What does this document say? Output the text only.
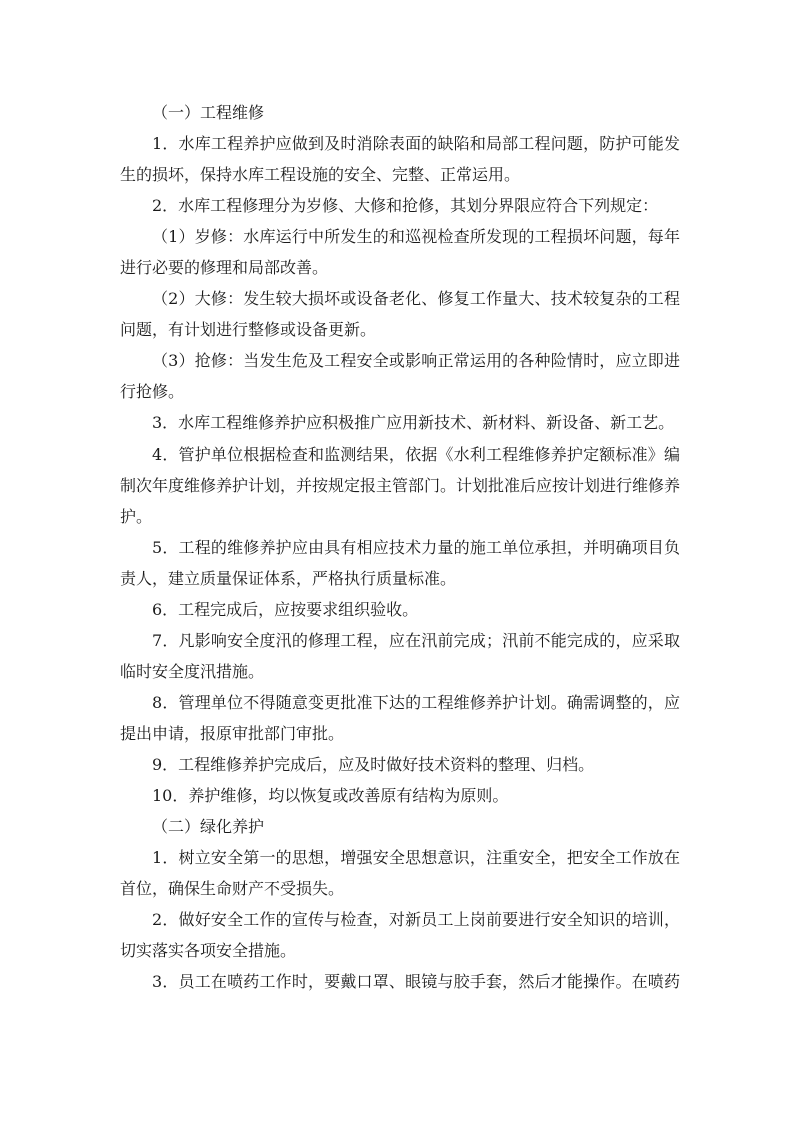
（一）工程维修
1．水库工程养护应做到及时消除表面的缺陷和局部工程问题，防护可能发
生的损坏，保持水库工程设施的安全、完整、正常运用。
2．水库工程修理分为岁修、大修和抢修，其划分界限应符合下列规定：
（1）岁修：水库运行中所发生的和巡视检查所发现的工程损坏问题，每年
进行必要的修理和局部改善。
（2）大修：发生较大损坏或设备老化、修复工作量大、技术较复杂的工程
问题，有计划进行整修或设备更新。
（3）抢修：当发生危及工程安全或影响正常运用的各种险情时，应立即进
行抢修。
3．水库工程维修养护应积极推广应用新技术、新材料、新设备、新工艺。
4．管护单位根据检查和监测结果，依据《水利工程维修养护定额标准》编
制次年度维修养护计划，并按规定报主管部门。计划批准后应按计划进行维修养
护。
5．工程的维修养护应由具有相应技术力量的施工单位承担，并明确项目负
责人，建立质量保证体系，严格执行质量标准。
6．工程完成后，应按要求组织验收。
7．凡影响安全度汛的修理工程，应在汛前完成；汛前不能完成的，应采取
临时安全度汛措施。
8．管理单位不得随意变更批准下达的工程维修养护计划。确需调整的，应
提出申请，报原审批部门审批。
9．工程维修养护完成后，应及时做好技术资料的整理、归档。
10．养护维修，均以恢复或改善原有结构为原则。
（二）绿化养护
1．树立安全第一的思想，增强安全思想意识，注重安全，把安全工作放在
首位，确保生命财产不受损失。
2．做好安全工作的宣传与检查，对新员工上岗前要进行安全知识的培训，
切实落实各项安全措施。
3．员工在喷药工作时，要戴口罩、眼镜与胶手套，然后才能操作。在喷药
